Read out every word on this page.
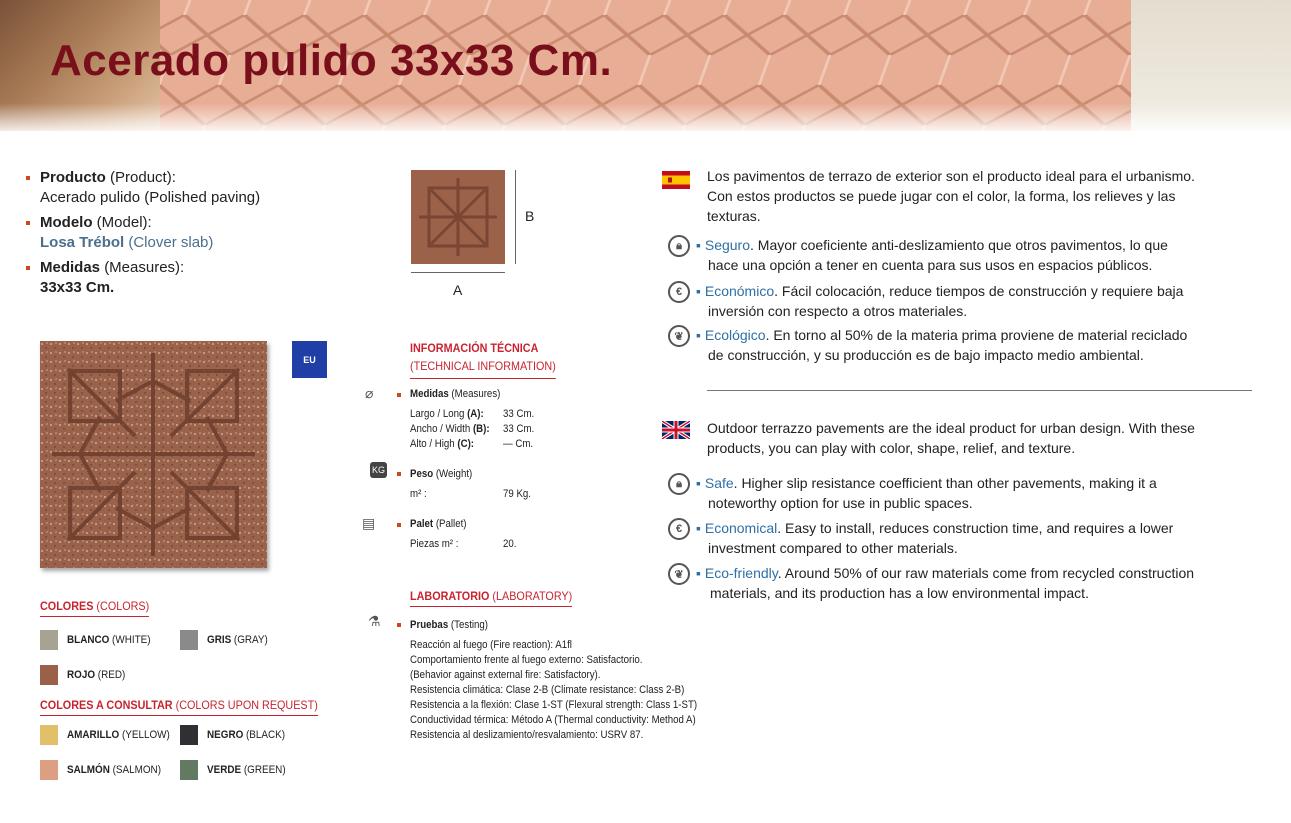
Acerado pulido 33x33 Cm.
Producto (Product):
Acerado pulido (Polished paving)
Modelo (Model):
Losa Trébol (Clover slab)
Medidas (Measures):
33x33 Cm.
B
A
EU
COLORES (COLORS)
BLANCO (WHITE)	GRIS (GRAY)
ROJO (RED)
COLORES A CONSULTAR (COLORS UPON REQUEST)
AMARILLO (YELLOW)	NEGRO (BLACK)
SALMÓN (SALMON)	VERDE (GREEN)
INFORMACIÓN TÉCNICA
(TECHNICAL INFORMATION)
⌀	Medidas (Measures)
Largo / Long (A): 33 Cm.
Ancho / Width (B): 33 Cm.
Alto / High (C):	— Cm.
KG Peso (Weight)
m² :	79 Kg.
▤	Palet (Pallet)
Piezas m² :	20.
LABORATORIO (LABORATORY)
⚗	Pruebas (Testing)
Reacción al fuego (Fire reaction): A1fl
Comportamiento frente al fuego externo: Satisfactorio.
(Behavior against external fire: Satisfactory).
Resistencia climática: Clase 2-B (Climate resistance: Class 2-B)
Resistencia a la flexión: Clase 1-ST (Flexural strength: Class 1-ST)
Conductividad térmica: Método A (Thermal conductivity: Method A)
Resistencia al deslizamiento/resvalamiento: USRV 87.
Los pavimentos de terrazo de exterior son el producto ideal para el urbanismo.
Con estos productos se puede jugar con el color, la forma, los relieves y las
texturas.
🔒︎	▪ Seguro. Mayor coeficiente anti-deslizamiento que otros pavimentos, lo que
hace una opción a tener en cuenta para sus usos en espacios públicos.
€ ▪ Económico. Fácil colocación, reduce tiempos de construcción y requiere baja
inversión con respecto a otros materiales.
❦ ▪ Ecológico. En torno al 50% de la materia prima proviene de material reciclado
de construcción, y su producción es de bajo impacto medio ambiental.
Outdoor terrazzo pavements are the ideal product for urban design. With these
products, you can play with color, shape, relief, and texture.
🔒︎	▪ Safe. Higher slip resistance coefficient than other pavements, making it a
noteworthy option for use in public spaces.
€ ▪ Economical. Easy to install, reduces construction time, and requires a lower
investment compared to other materials.
❦ ▪ Eco-friendly. Around 50% of our raw materials come from recycled construction
materials, and its production has a low environmental impact.
